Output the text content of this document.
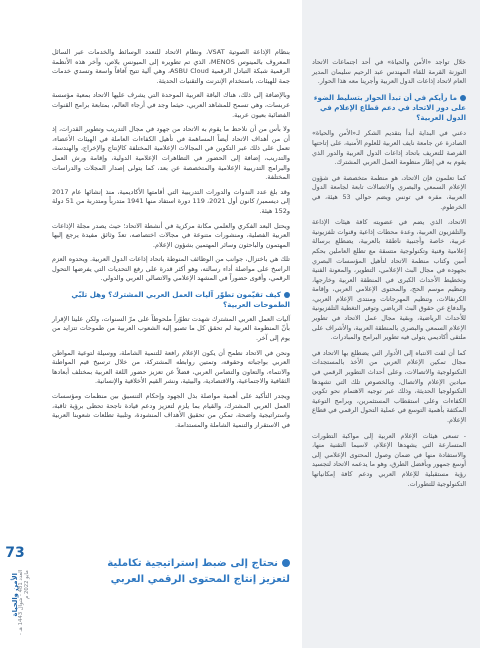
خلال تواجد «الأمن والحياة» في أحد اجتماعات الاتحاد التوزنة القرمة للقاء المهندس عبد الرحيم سليمان المدير العام لاتحاد إذاعات الدول العربية وأجرينا معه هذا الحوار.

ما رأيكم في أن تبدأ الحوار بتسليط الضوء على دور الاتحاد في دعم قطاع الإعلام في الدول العربية؟

دعني في البداية أبدأ بتقديم الشكر لـ«الأمن والحياة» الصادرة عن جامعة نايف العربية للعلوم الأمنية، على إتاحتها الفرصة للتعريف باتحاد إذاعات الدول العربية والدور الذي يقوم به في إطار منظومة العمل العربي المشترك.

كما تعلمون فإن الاتحاد، هو منظمة متخصصة في شؤون الإعلام السمعي والبصري والاتصالات تابعة لجامعة الدول العربية، مقره في تونس ويضم حوالي 53 هيئة، في الخرطوم.

الاتحاد، الذي يضم في عضويته كافة هيئات الإذاعة والتلفزيون العربية، وعدة محطات إذاعية وقنوات تلفزيونية عربية، خاصة وأجنبية ناطقة بالعربية، يضطلع برسالة إعلامية وفنية وتكنولوجية متسقة مع تطلع العاملين بحكم أمين وكتاب منظمة الاتحاد لتأهيل المؤسسات البصري بجهوده في مجال البث الإعلامي، التطوير، والمعونة الفنية وتخطيط الأحداث الكبرى في المنطقة العربية وخارجها، وتنظيم موسم الحج، والمحتوى الإعلامي العربي، وإقامة الكرنفالات، وتنظيم المهرجانات ومنتدى الإعلام العربي، والدفاع عن حقوق البث الرياضي وتوفير التغطية التلفزيونية للأحداث الرياضية، وبقية مجال عمل الاتحاد في تطوير الإعلام السمعي والبصري بالمنطقة العربية، والأشراف على ملتقى أكاديمي يتولى فيه تطوير البرامج والمبادرات.

كما أن لفت الانتباه إلى الأدوار التي يضطلع بها الاتحاد في مجال تمكين الإعلام العربي من الأخذ بالمستجدات التكنولوجية والاتصالات، وعلى أحداث التطوير الرقمي في ميادين الإعلام والاتصال، وبالخصوص تلك التي تشهدها التكنولوجيا الحديثة، وذلك عبر توجيه الاهتمام نحو تكوين الكفاءات وعلى استقطاب المستثمرين، وبرامج التوعية المكثفة بأهمية التوسع في عملية التحول الرقمي في قطاع الإعلام.

- تسعى هيئات الإعلام العربية إلى مواكبة التطورات المتسارعة التي يشهدها الإعلام، لاسيما التقنية منها، والاستفادة منها في ضمان وصول المحتوى الإعلامي إلى أوسع جمهور وبأفضل الطرق، وهو ما يدعمه الاتحاد لتجسيد رؤية مستقبلية للإعلام العربي ودعم كافة إمكانياتها التكنولوجية للتطورات.

بنظام الإذاعة الصوتية VSAT، ونظام الاتحاد للتعدد الوسائط والخدمات عبر السائل المعروف بالمينوس MENOS، الذي تم تطويره إلى الميونس بلاص، وآخر هذه الأنظمة الرقمية شبكة التبادل الرقمية ASBU Cloud، وهي آلية تتيح آفاقاً واسعة وتسدي خدمات جمة للهيئات، باستخدام الإنترنت والتقنيات الحديثة.

وبالإضافة إلى ذلك، هناك الباقة العربية الموحدة التي يشرف عليها الاتحاد بمعية مؤسسة عربسات، وهي تسمح للمشاهد العربي، حيثما وجد في أرجاء العالم، بمتابعة برامج القنوات الفضائية بعيون عربية.

ولا بأس من أن نلاحظ ما يقوم به الاتحاد من جهود في مجال التدريب وتطوير القدرات، إذ أن من أهداف الاتحاد أيضاً المساهمة في تأهيل الكفاءات العاملة في الهيئات الأعضاء، تعمل على ذلك عبر التكوين في المجالات الإعلامية المختلفة كالإنتاج والإخراج، والهندسة، والتدريب، إضافة إلى الحضور في التظاهرات الإعلامية الدولية، وإقامة ورش العمل والبرامج التدريبية الإعلامية والمتخصصة عن بعد، كما يتولى إصدار المجلات والدراسات المختلفة.

وقد بلغ عدد الندوات والدورات التدريبية التي أقامتها الأكاديمية، منذ إنشائها عام 2017 إلى ديسمبر/ كانون أول 2021، 119 دورة استفاد منها 1941 متدرباً ومتدربة من 51 دولة و152 هيئة.

ويحتل البعد الفكري والعلمي مكانة مركزية في أنشطة الاتحاد؛ حيث يصدر مجلة الإذاعات العربية الفصلية، ومنشورات متنوعة في مجالات اختصاصه، تعدّ وثائق مفيدة يرجع إليها المهتمون والباحثون وسائر المهتمين بشؤون الإعلام.

تلك هي باختزال، جوانب من الوظائف المنوطة باتحاد إذاعات الدول العربية. ويحدوه العزم الراسخ على مواصلة أداء رسالته، وهو أكثر قدرة على رفع التحديات التي يفرضها التحول الرقمي، وأقوى حضوراً في المشهد الإعلامي والاتصالي العربي والدولي.

كيف تقيّمون تطوّر آليات العمل العربي المشترك؟ وهل تلبّي الطموحات العربية؟

آليات العمل العربي المشترك شهدت تطوّراً ملحوظاً على مرّ السنوات، ولكن علينا الإقرار بأنّ المنظومة العربية لم تحقق كل ما تصبو إليه الشعوب العربية من طموحات تتزايد من يوم إلى آخر.

ونحن في الاتحاد نطمح أن يكون الإعلام رافعة للتنمية الشاملة، ووسيلة لتوعية المواطن العربي بواجباته وحقوقه، وتمتين روابطه المشتركة، من خلال ترسيخ قيم المواطنة والانتماء، والتعاون والتضامن العربي، فضلاً عن تعزيز حضور اللغة العربية بمختلف أبعادها الثقافية والاجتماعية، والاقتصادية، والبيئية، ونشر القيم الأخلاقية والإنسانية.

ويجدر التأكيد على أهمية مواصلة بذل الجهود وإحكام التنسيق بين منظمات ومؤسسات العمل العربي المشترك، والقيام بما يلزم لتعزيز ودعم قيادة ناجحة تحظى برؤية ثاقبة، واستراتيجية واضحة، تمكن من تحقيق الأهداف المنشودة، وتلبية تطلعات شعوبنا العربية في الاستقرار والتنمية الشاملة والمستدامة.

نحتاج إلى ضبط إستراتيجية تكاملية
لتعزيز إنتاج المحتوى الرقمي العربي
73
الأمن والحياة
العدد 481 - شوال 1443 هـ - مايو 2022 م
